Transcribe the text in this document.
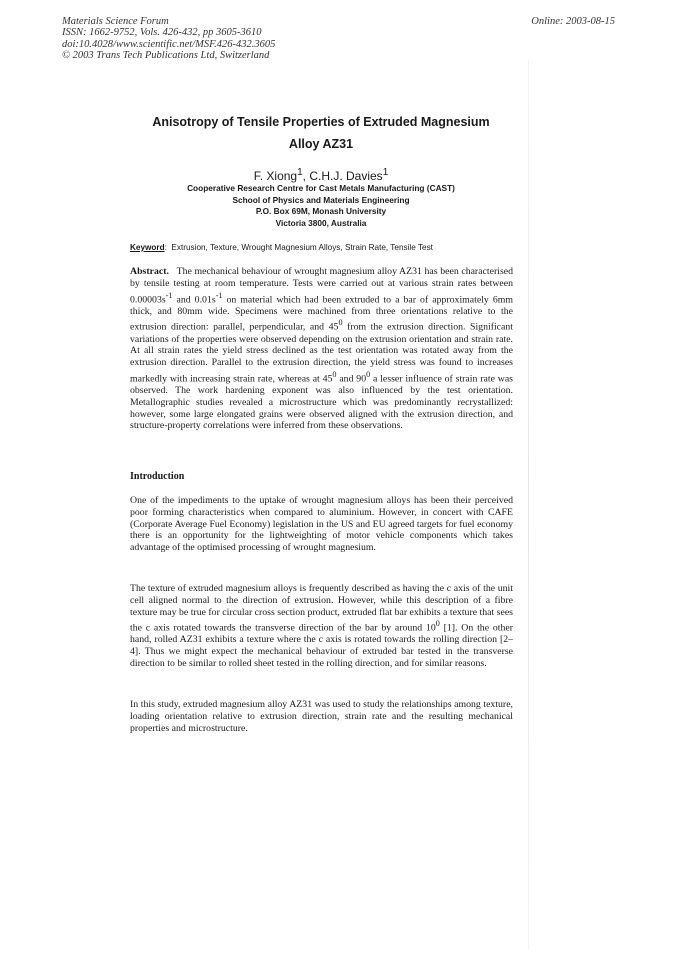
Materials Science Forum
ISSN: 1662-9752, Vols. 426-432, pp 3605-3610
doi:10.4028/www.scientific.net/MSF.426-432.3605
© 2003 Trans Tech Publications Ltd, Switzerland
Online: 2003-08-15
Anisotropy of Tensile Properties of Extruded Magnesium
Alloy AZ31
F. Xiong$^1$, C.H.J. Davies$^1$
Cooperative Research Centre for Cast Metals Manufacturing (CAST)
School of Physics and Materials Engineering
P.O. Box 69M, Monash University
Victoria 3800, Australia
Keyword: Extrusion, Texture, Wrought Magnesium Alloys, Strain Rate, Tensile Test

Abstract. The mechanical behaviour of wrought magnesium alloy AZ31 has been characterised by tensile testing at room temperature. Tests were carried out at various strain rates between $0.00003s^{-1}$ and $0.01s^{-1}$ on material which had been extruded to a bar of approximately 6mm thick, and 80mm wide. Specimens were machined from three orientations relative to the extrusion direction: parallel, perpendicular, and $45^0$ from the extrusion direction. Significant variations of the properties were observed depending on the extrusion orientation and strain rate. At all strain rates the yield stress declined as the test orientation was rotated away from the extrusion direction. Parallel to the extrusion direction, the yield stress was found to increases markedly with increasing strain rate, whereas at $45^0$ and $90^0$ a lesser influence of strain rate was observed. The work hardening exponent was also influenced by the test orientation. Metallographic studies revealed a microstructure which was predominantly recrystallized: however, some large elongated grains were observed aligned with the extrusion direction, and structure-property correlations were inferred from these observations.

Introduction

One of the impediments to the uptake of wrought magnesium alloys has been their perceived poor forming characteristics when compared to aluminium. However, in concert with CAFE (Corporate Average Fuel Economy) legislation in the US and EU agreed targets for fuel economy there is an opportunity for the lightweighting of motor vehicle components which takes advantage of the optimised processing of wrought magnesium.

The texture of extruded magnesium alloys is frequently described as having the c axis of the unit cell aligned normal to the direction of extrusion. However, while this description of a fibre texture may be true for circular cross section product, extruded flat bar exhibits a texture that sees the c axis rotated towards the transverse direction of the bar by around $10^0$ [1]. On the other hand, rolled AZ31 exhibits a texture where the c axis is rotated towards the rolling direction [2–4]. Thus we might expect the mechanical behaviour of extruded bar tested in the transverse direction to be similar to rolled sheet tested in the rolling direction, and for similar reasons.

In this study, extruded magnesium alloy AZ31 was used to study the relationships among texture, loading orientation relative to extrusion direction, strain rate and the resulting mechanical properties and microstructure.
